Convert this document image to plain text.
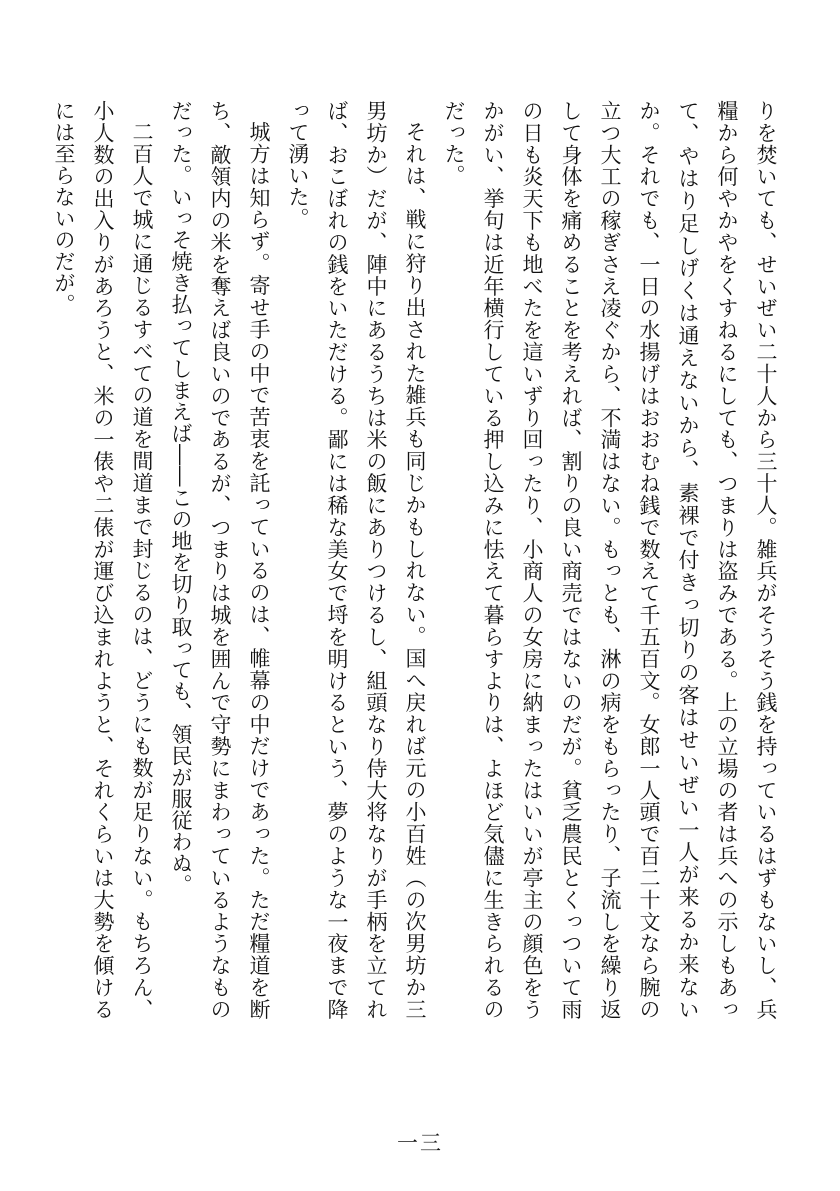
りを焚いても、せいぜい二十人から三十人。雑兵がそうそう銭を持っているはずもないし、兵糧から何やかやをくすねるにしても、つまりは盗みである。上の立場の者は兵への示しもあって、やはり足しげくは通えないから、素裸で付きっ切りの客はせいぜい一人が来るか来ないか。それでも、一日の水揚げはおおむね銭で数えて千五百文。女郎一人頭で百二十文なら腕の立つ大工の稼ぎさえ凌ぐから、不満はない。もっとも、淋の病をもらったり、子流しを繰り返して身体を痛めることを考えれば、割りの良い商売ではないのだが。貧乏農民とくっついて雨の日も炎天下も地べたを這いずり回ったり、小商人の女房に納まったはいいが亭主の顔色をうかがい、挙句は近年横行している押し込みに怯えて暮らすよりは、よほど気儘に生きられるのだった。

それは、戦に狩り出された雑兵も同じかもしれない。国へ戻れば元の小百姓（の次男坊か三男坊か）だが、陣中にあるうちは米の飯にありつけるし、組頭なり侍大将なりが手柄を立てれば、おこぼれの銭をいただける。鄙には稀な美女で埒を明けるという、夢のような一夜まで降って湧いた。

城方は知らず。寄せ手の中で苦衷を託っているのは、帷幕の中だけであった。ただ糧道を断ち、敵領内の米を奪えば良いのであるが、つまりは城を囲んで守勢にまわっているようなものだった。いっそ焼き払ってしまえば――この地を切り取っても、領民が服従わぬ。

二百人で城に通じるすべての道を間道まで封じるのは、どうにも数が足りない。もちろん、小人数の出入りがあろうと、米の一俵や二俵が運び込まれようと、それくらいは大勢を傾けるには至らないのだが。

一三
